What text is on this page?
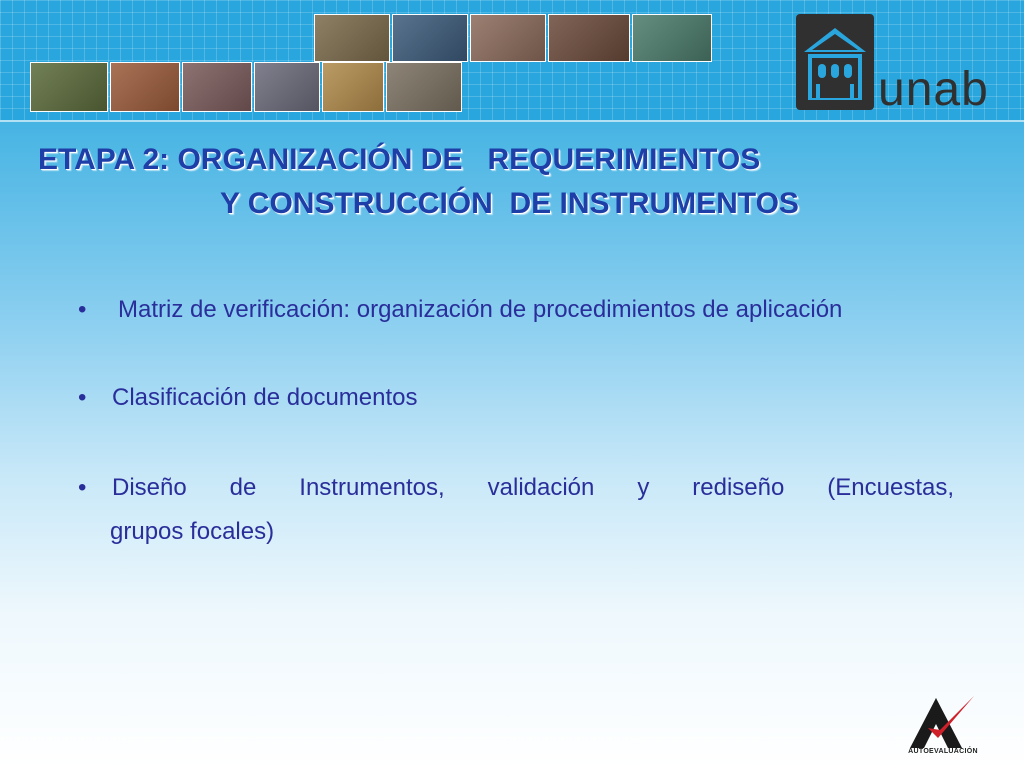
unab
ETAPA 2: ORGANIZACIÓN DE   REQUERIMIENTOS
Y CONSTRUCCIÓN  DE INSTRUMENTOS
• Matriz de verificación: organización de procedimientos de aplicación
• Clasificación de documentos
• Diseño de Instrumentos, validación y rediseño (Encuestas,
grupos focales)
AUTOEVALUACIÓN
